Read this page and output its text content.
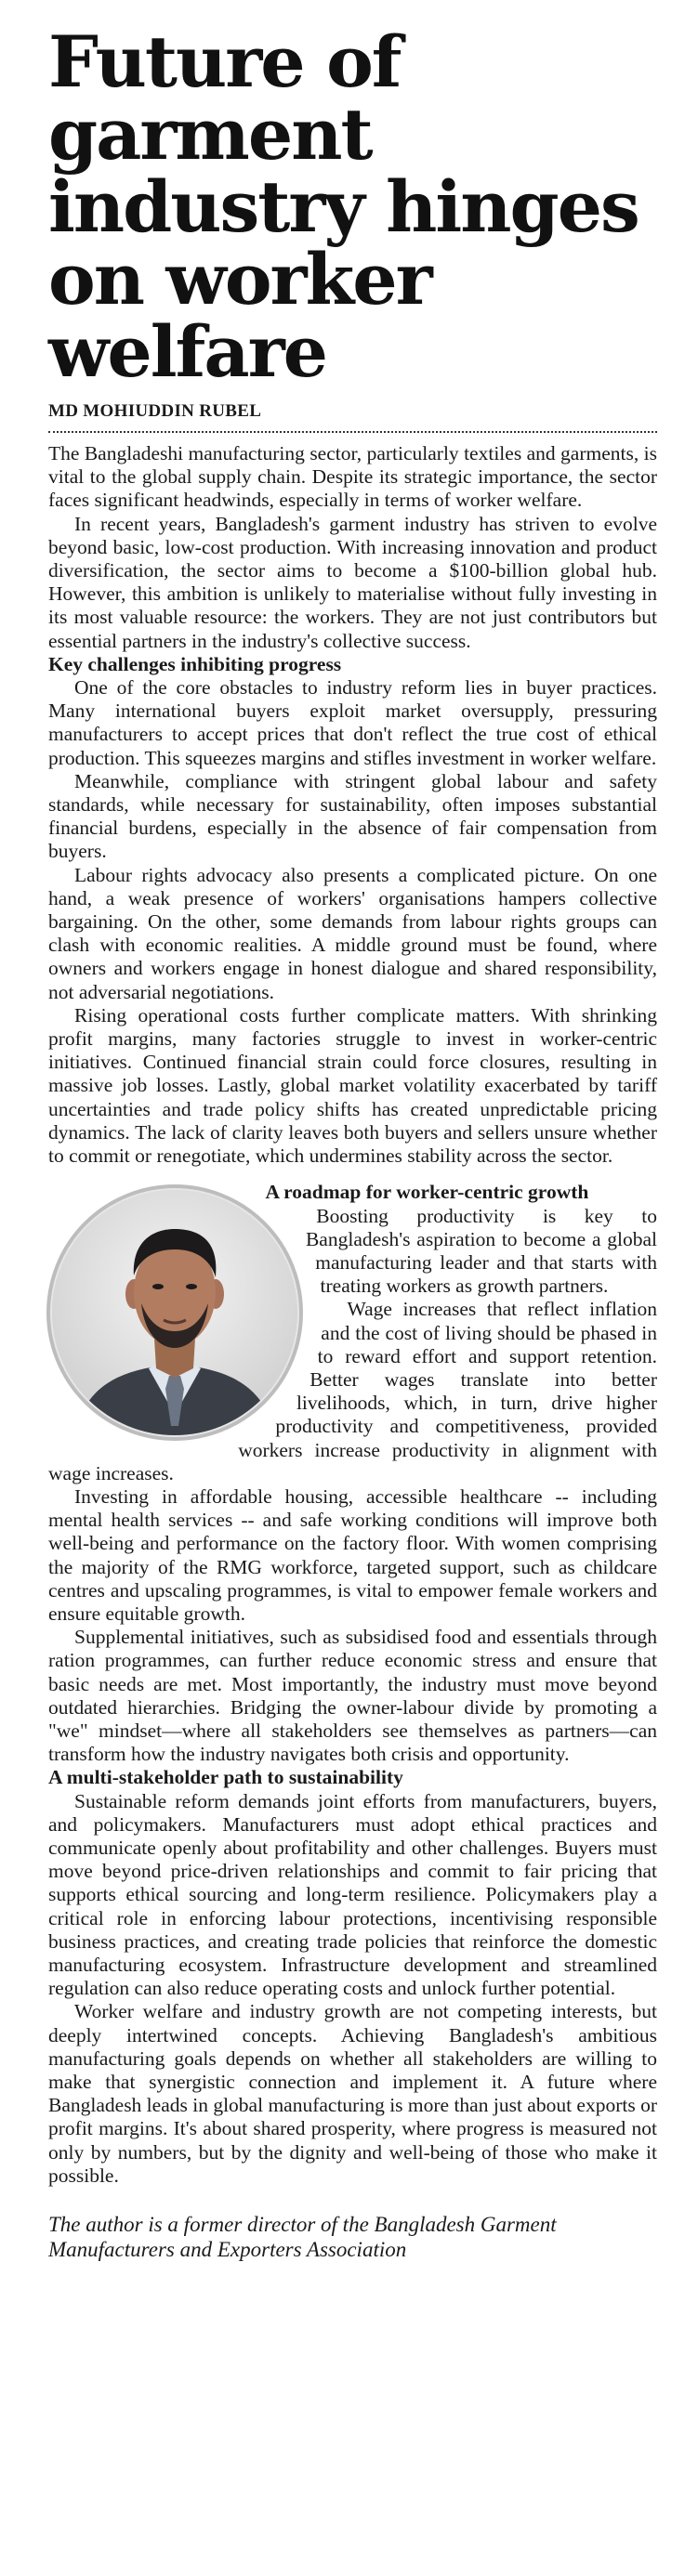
Future of garment
industry hinges
on worker welfare
MD MOHIUDDIN RUBEL

The Bangladeshi manufacturing sector, particularly textiles and garments, is vital to the global supply chain. Despite its strategic importance, the sector faces significant headwinds, especially in terms of worker welfare.

In recent years, Bangladesh's garment industry has striven to evolve beyond basic, low-cost production. With increasing innovation and product diversification, the sector aims to become a $100-billion global hub. However, this ambition is unlikely to materialise without fully investing in its most valuable resource: the workers. They are not just contributors but essential partners in the industry's collective success.

Key challenges inhibiting progress

One of the core obstacles to industry reform lies in buyer practices. Many international buyers exploit market oversupply, pressuring manufacturers to accept prices that don't reflect the true cost of ethical production. This squeezes margins and stifles investment in worker welfare.

Meanwhile, compliance with stringent global labour and safety standards, while necessary for sustainability, often imposes substantial financial burdens, especially in the absence of fair compensation from buyers.

Labour rights advocacy also presents a complicated picture. On one hand, a weak presence of workers' organisations hampers collective bargaining. On the other, some demands from labour rights groups can clash with economic realities. A middle ground must be found, where owners and workers engage in honest dialogue and shared responsibility, not adversarial negotiations.

Rising operational costs further complicate matters. With shrinking profit margins, many factories struggle to invest in worker-centric initiatives. Continued financial strain could force closures, resulting in massive job losses. Lastly, global market volatility exacerbated by tariff uncertainties and trade policy shifts has created unpredictable pricing dynamics. The lack of clarity leaves both buyers and sellers unsure whether to commit or renegotiate, which undermines stability across the sector.

A roadmap for worker-centric growth

Boosting productivity is key to Bangladesh's aspiration to become a global manufacturing leader and that starts with treating workers as growth partners.

Wage increases that reflect inflation and the cost of living should be phased in to reward effort and support retention. Better wages translate into better livelihoods, which, in turn, drive higher productivity and competitiveness, provided workers increase productivity in alignment with wage increases.

Investing in affordable housing, accessible healthcare -- including mental health services -- and safe working conditions will improve both well-being and performance on the factory floor. With women comprising the majority of the RMG workforce, targeted support, such as childcare centres and upscaling programmes, is vital to empower female workers and ensure equitable growth.

Supplemental initiatives, such as subsidised food and essentials through ration programmes, can further reduce economic stress and ensure that basic needs are met. Most importantly, the industry must move beyond outdated hierarchies. Bridging the owner-labour divide by promoting a "we" mindset—where all stakeholders see themselves as partners—can transform how the industry navigates both crisis and opportunity.

A multi-stakeholder path to sustainability

Sustainable reform demands joint efforts from manufacturers, buyers, and policymakers. Manufacturers must adopt ethical practices and communicate openly about profitability and other challenges. Buyers must move beyond price-driven relationships and commit to fair pricing that supports ethical sourcing and long-term resilience. Policymakers play a critical role in enforcing labour protections, incentivising responsible business practices, and creating trade policies that reinforce the domestic manufacturing ecosystem. Infrastructure development and streamlined regulation can also reduce operating costs and unlock further potential.

Worker welfare and industry growth are not competing interests, but deeply intertwined concepts. Achieving Bangladesh's ambitious manufacturing goals depends on whether all stakeholders are willing to make that synergistic connection and implement it. A future where Bangladesh leads in global manufacturing is more than just about exports or profit margins. It's about shared prosperity, where progress is measured not only by numbers, but by the dignity and well-being of those who make it possible.

The author is a former director of the Bangladesh Garment Manufacturers and Exporters Association
